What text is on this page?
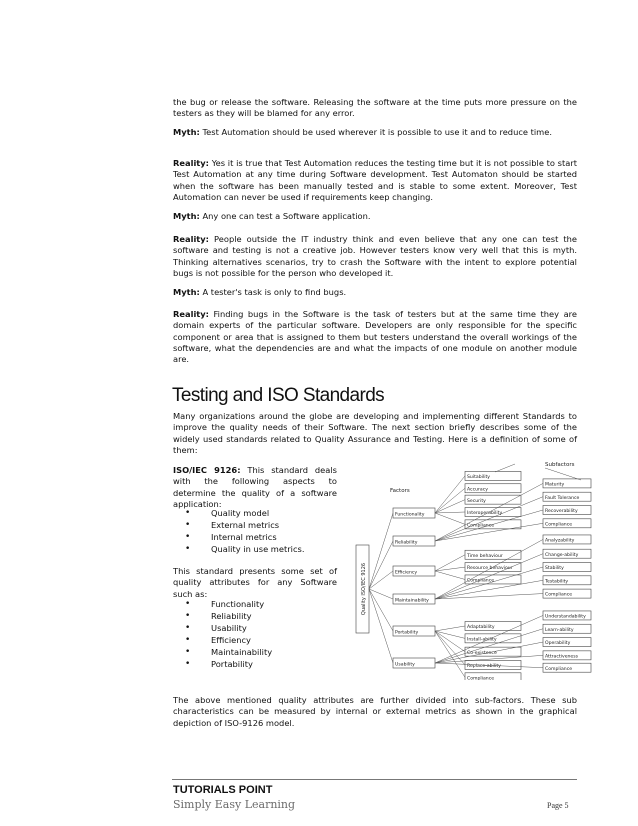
the bug or release the software. Releasing the software at the time puts more pressure on the testers as they will be blamed for any error.
Myth: Test Automation should be used wherever it is possible to use it and to reduce time.
Reality: Yes it is true that Test Automation reduces the testing time but it is not possible to start Test Automation at any time during Software development. Test Automaton should be started when the software has been manually tested and is stable to some extent. Moreover, Test Automation can never be used if requirements keep changing.
Myth: Any one can test a Software application.
Reality: People outside the IT industry think and even believe that any one can test the software and testing is not a creative job. However testers know very well that this is myth. Thinking alternatives scenarios, try to crash the Software with the intent to explore potential bugs is not possible for the person who developed it.
Myth: A tester's task is only to find bugs.
Reality: Finding bugs in the Software is the task of testers but at the same time they are domain experts of the particular software. Developers are only responsible for the specific component or area that is assigned to them but testers understand the overall workings of the software, what the dependencies are and what the impacts of one module on another module are.
Testing and ISO Standards
Many organizations around the globe are developing and implementing different Standards to improve the quality needs of their Software. The next section briefly describes some of the widely used standards related to Quality Assurance and Testing. Here is a definition of some of them:
ISO/IEC 9126: This standard deals with the following aspects to determine the quality of a software application:
• Quality model
• External metrics
• Internal metrics
• Quality in use metrics.
This standard presents some set of quality attributes for any Software such as:
• Functionality
• Reliability
• Usability
• Efficiency
• Maintainability
• Portability
Quality ISO/IEC 9126
Factors
Subfactors
Functionality
Reliability
Efficiency
Maintainability
Portability
Usability
Suitability
Accuracy
Security
Interoperability
Compliance
Time behaviour
Resource behaviour
Compliance
Adaptability
Install-ability
Co-existence
Replace-ability
Compliance
Maturity
Fault Tolerance
Recoverability
Compliance
Analyzability
Change-ability
Stability
Testability
Compliance
Understandability
Learn-ability
Operability
Attractiveness
Compliance
The above mentioned quality attributes are further divided into sub-factors. These sub characteristics can be measured by internal or external metrics as shown in the graphical depiction of ISO-9126 model.
TUTORIALS POINT
Simply Easy Learning	Page 5
